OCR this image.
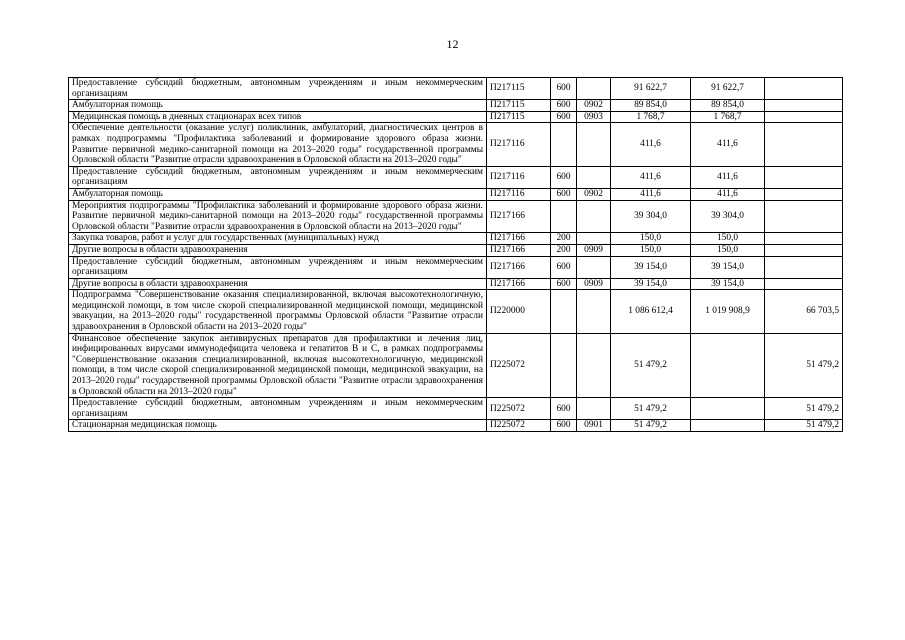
12
Предоставление субсидий бюджетным, автономным учреждениям и иным некоммерческим организациям	П217115	600		91 622,7	91 622,7	
Амбулаторная помощь	П217115	600	0902	89 854,0	89 854,0	
Медицинская помощь в дневных стационарах всех типов	П217115	600	0903	1 768,7	1 768,7	
Обеспечение деятельности (оказание услуг) поликлиник, амбулаторий, диагностических центров в рамках подпрограммы "Профилактика заболеваний и формирование здорового образа жизни. Развитие первичной медико-санитарной помощи на 2013–2020 годы" государственной программы Орловской области "Развитие отрасли здравоохранения в Орловской области на 2013–2020 годы"	П217116			411,6	411,6	
Предоставление субсидий бюджетным, автономным учреждениям и иным некоммерческим организациям	П217116	600		411,6	411,6	
Амбулаторная помощь	П217116	600	0902	411,6	411,6	
Мероприятия подпрограммы "Профилактика заболеваний и формирование здорового образа жизни. Развитие первичной медико-санитарной помощи на 2013–2020 годы" государственной программы Орловской области "Развитие отрасли здравоохранения в Орловской области на 2013–2020 годы"	П217166			39 304,0	39 304,0	
Закупка товаров, работ и услуг для государственных (муниципальных) нужд	П217166	200		150,0	150,0	
Другие вопросы в области здравоохранения	П217166	200	0909	150,0	150,0	
Предоставление субсидий бюджетным, автономным учреждениям и иным некоммерческим организациям	П217166	600		39 154,0	39 154,0	
Другие вопросы в области здравоохранения	П217166	600	0909	39 154,0	39 154,0	
Подпрограмма "Совершенствование оказания специализированной, включая высокотехнологичную, медицинской помощи, в том числе скорой специализированной медицинской помощи, медицинской эвакуации, на 2013–2020 годы" государственной программы Орловской области "Развитие отрасли здравоохранения в Орловской области на 2013–2020 годы"	П220000			1 086 612,4	1 019 908,9	66 703,5
Финансовое обеспечение закупок антивирусных препаратов для профилактики и лечения лиц, инфицированных вирусами иммунодефицита человека и гепатитов В и С, в рамках подпрограммы "Совершенствование оказания специализированной, включая высокотехнологичную, медицинской помощи, в том числе скорой специализированной медицинской помощи, медицинской эвакуации, на 2013–2020 годы" государственной программы Орловской области "Развитие отрасли здравоохранения в Орловской области на 2013–2020 годы"	П225072			51 479,2		51 479,2
Предоставление субсидий бюджетным, автономным учреждениям и иным некоммерческим организациям	П225072	600		51 479,2		51 479,2
Стационарная медицинская помощь	П225072	600	0901	51 479,2		51 479,2
